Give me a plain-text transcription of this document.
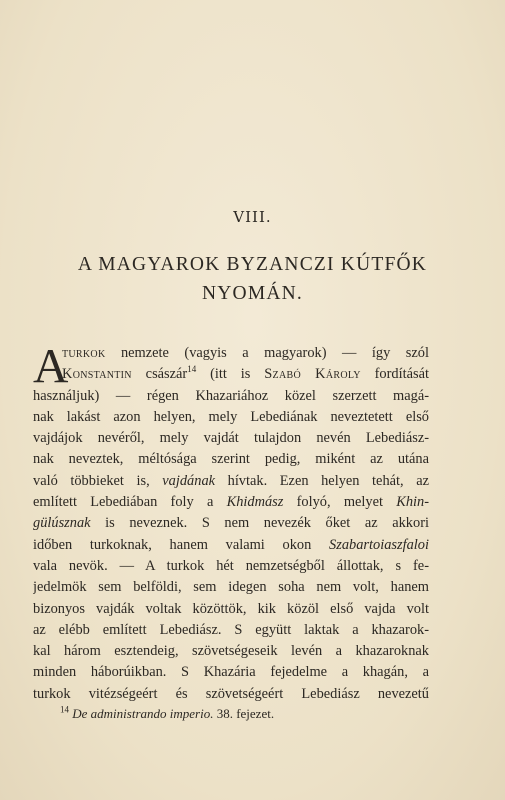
VIII.
A MAGYAROK BYZANCZI KÚTFŐK
NYOMÁN.
A
turkok nemzete (vagyis a magyarok) — így szól
Konstantin császár$^{14}$ (itt is Szabó Károly fordítását
használjuk) — régen Khazariához közel szerzett magá-
nak lakást azon helyen, mely Lebediának neveztetett első
vajdájok nevéről, mely vajdát tulajdon nevén Lebediász-
nak neveztek, méltósága szerint pedig, miként az utána
való többieket is, vajdának hívtak. Ezen helyen tehát, az
említett Lebediában foly a Khidmász folyó, melyet Khin-
gülúsznak is neveznek. S nem nevezék őket az akkori
időben turkoknak, hanem valami okon Szabartoiaszfaloi
vala nevök. — A turkok hét nemzetségből állottak, s fe-
jedelmök sem belföldi, sem idegen soha nem volt, hanem
bizonyos vajdák voltak közöttök, kik közöl első vajda volt
az elébb említett Lebediász. S együtt laktak a khazarok-
kal három esztendeig, szövetségeseik levén a khazaroknak
minden háborúikban. S Khazária fejedelme a khagán, a
turkok vitézségeért és szövetségeért Lebediász nevezetű
$^{14}$ De administrando imperio. 38. fejezet.
